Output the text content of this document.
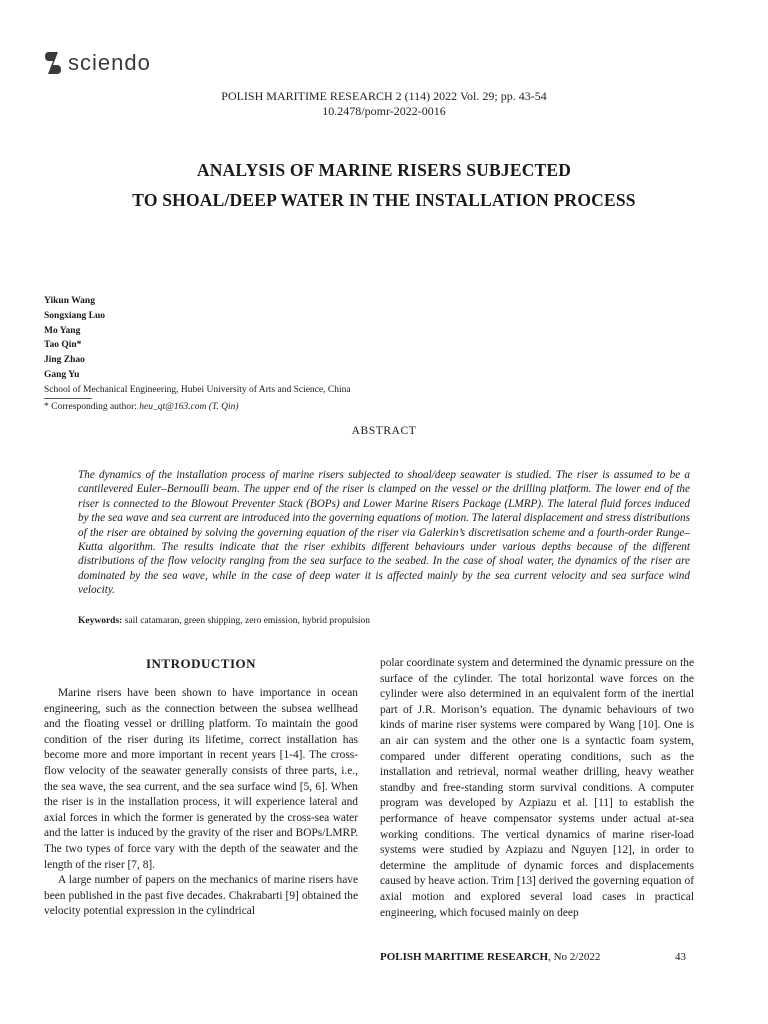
sciendo
POLISH MARITIME RESEARCH 2 (114) 2022 Vol. 29; pp. 43-54
10.2478/pomr-2022-0016
ANALYSIS OF MARINE RISERS SUBJECTED
TO SHOAL/DEEP WATER IN THE INSTALLATION PROCESS
Yikun Wang
Songxiang Luo
Mo Yang
Tao Qin*
Jing Zhao
Gang Yu
School of Mechanical Engineering, Hubei University of Arts and Science, China
* Corresponding author: heu_qt@163.com (T. Qin)
ABSTRACT
The dynamics of the installation process of marine risers subjected to shoal/deep seawater is studied. The riser is assumed to be a cantilevered Euler–Bernoulli beam. The upper end of the riser is clamped on the vessel or the drilling platform. The lower end of the riser is connected to the Blowout Preventer Stack (BOPs) and Lower Marine Risers Package (LMRP). The lateral fluid forces induced by the sea wave and sea current are introduced into the governing equations of motion. The lateral displacement and stress distributions of the riser are obtained by solving the governing equation of the riser via Galerkin’s discretisation scheme and a fourth-order Runge–Kutta algorithm. The results indicate that the riser exhibits different behaviours under various depths because of the different distributions of the flow velocity ranging from the sea surface to the seabed. In the case of shoal water, the dynamics of the riser are dominated by the sea wave, while in the case of deep water it is affected mainly by the sea current velocity and sea surface wind velocity.
Keywords: sail catamaran, green shipping, zero emission, hybrid propulsion
INTRODUCTION

Marine risers have been shown to have importance in ocean engineering, such as the connection between the subsea wellhead and the floating vessel or drilling platform. To maintain the good condition of the riser during its lifetime, correct installation has become more and more important in recent years [1-4]. The cross-flow velocity of the seawater generally consists of three parts, i.e., the sea wave, the sea current, and the sea surface wind [5, 6]. When the riser is in the installation process, it will experience lateral and axial forces in which the former is generated by the cross-sea water and the latter is induced by the gravity of the riser and BOPs/LMRP. The two types of force vary with the depth of the seawater and the length of the riser [7, 8].

A large number of papers on the mechanics of marine risers have been published in the past five decades. Chakrabarti [9] obtained the velocity potential expression in the cylindrical

polar coordinate system and determined the dynamic pressure on the surface of the cylinder. The total horizontal wave forces on the cylinder were also determined in an equivalent form of the inertial part of J.R. Morison’s equation. The dynamic behaviours of two kinds of marine riser systems were compared by Wang [10]. One is an air can system and the other one is a syntactic foam system, compared under different operating conditions, such as the installation and retrieval, normal weather drilling, heavy weather standby and free-standing storm survival conditions. A computer program was developed by Azpiazu et al. [11] to establish the performance of heave compensator systems under actual at-sea working conditions. The vertical dynamics of marine riser-load systems were studied by Azpiazu and Nguyen [12], in order to determine the amplitude of dynamic forces and displacements caused by heave action. Trim [13] derived the governing equation of axial motion and explored several load cases in practical engineering, which focused mainly on deep

POLISH MARITIME RESEARCH, No 2/2022	43
